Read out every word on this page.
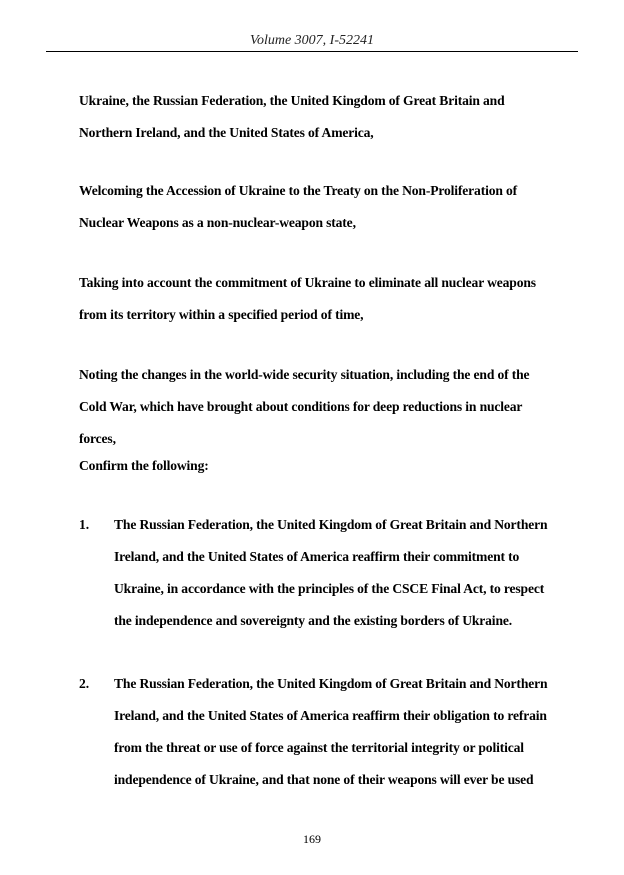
Volume 3007, I-52241

Ukraine, the Russian Federation, the United Kingdom of Great Britain and Northern Ireland, and the United States of America,

Welcoming the Accession of Ukraine to the Treaty on the Non-Proliferation of Nuclear Weapons as a non-nuclear-weapon state,

Taking into account the commitment of Ukraine to eliminate all nuclear weapons from its territory within a specified period of time,

Noting the changes in the world-wide security situation, including the end of the Cold War, which have brought about conditions for deep reductions in nuclear forces,

Confirm the following:

1. The Russian Federation, the United Kingdom of Great Britain and Northern Ireland, and the United States of America reaffirm their commitment to Ukraine, in accordance with the principles of the CSCE Final Act, to respect the independence and sovereignty and the existing borders of Ukraine.

2. The Russian Federation, the United Kingdom of Great Britain and Northern Ireland, and the United States of America reaffirm their obligation to refrain from the threat or use of force against the territorial integrity or political independence of Ukraine, and that none of their weapons will ever be used

169
